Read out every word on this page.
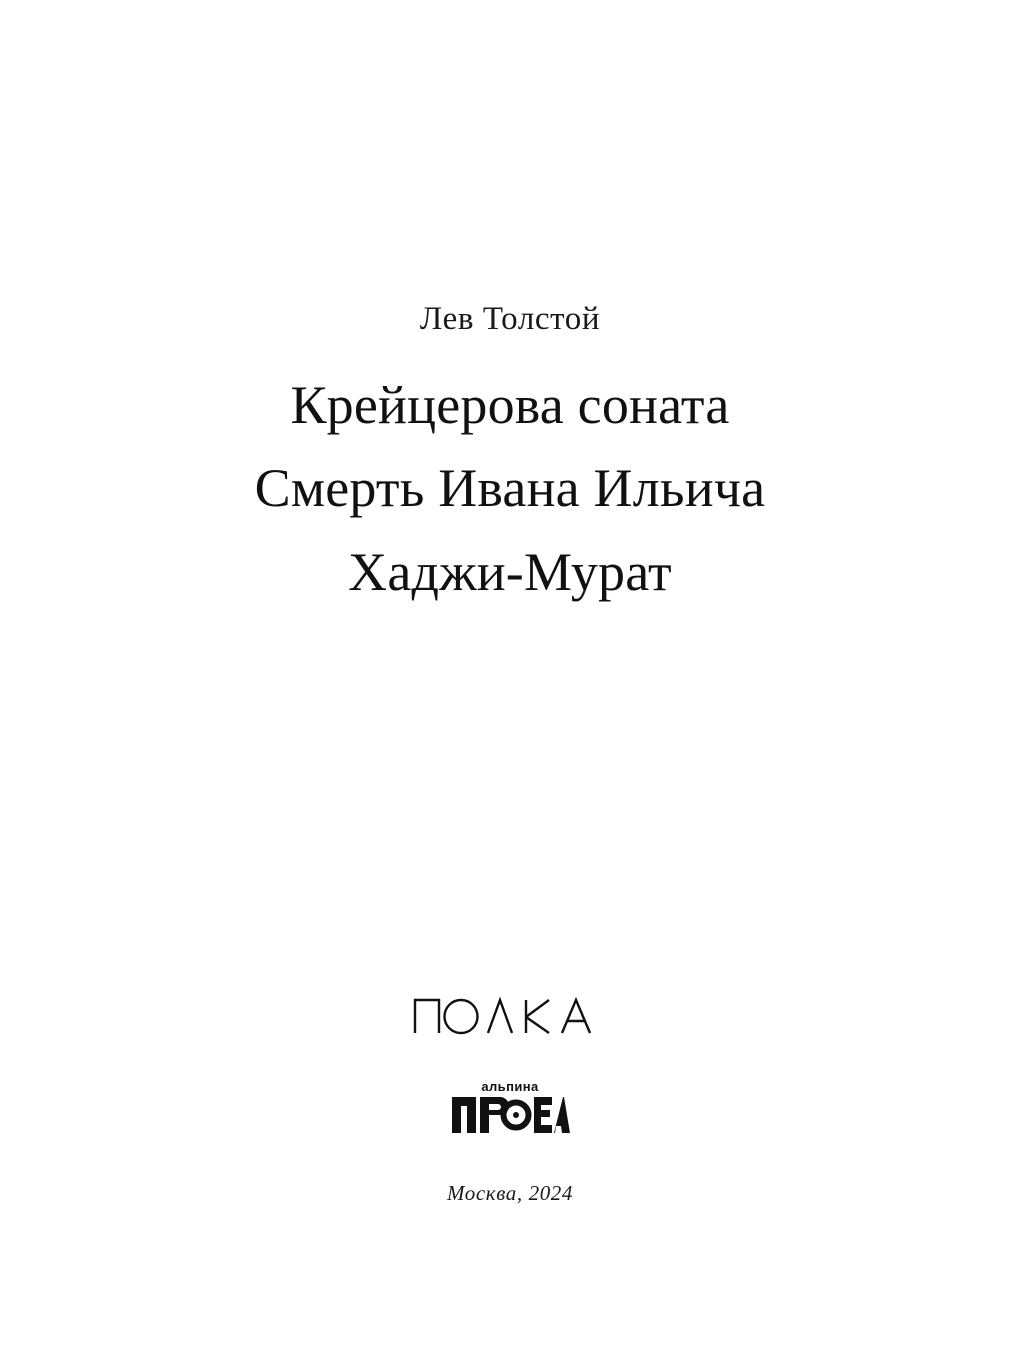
Лев Толстой
Крейцерова соната
Смерть Ивана Ильича
Хаджи-Мурат
альпина
Москва, 2024
